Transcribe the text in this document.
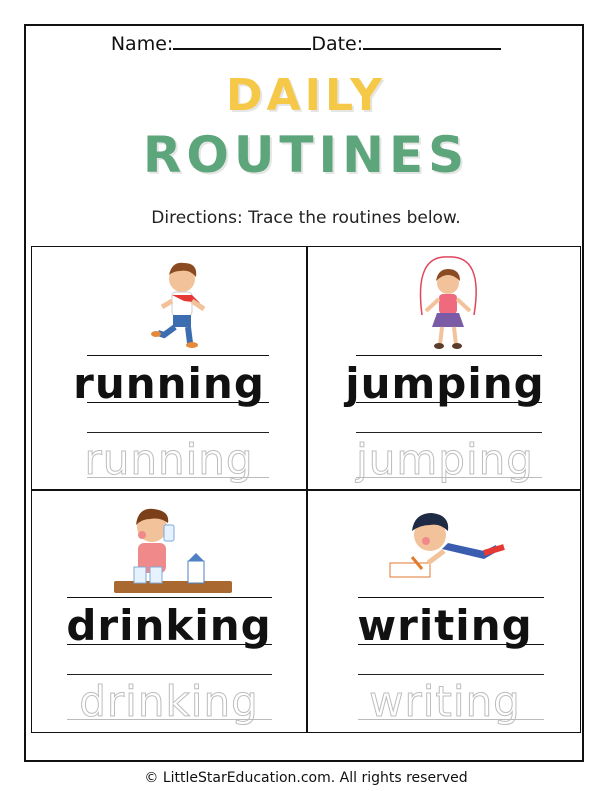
Name:	Date:
DAILY
ROUTINES
Directions: Trace the routines below.
running
running
jumping
jumping
drinking
drinking
writing
writing
© LittleStarEducation.com. All rights reserved
